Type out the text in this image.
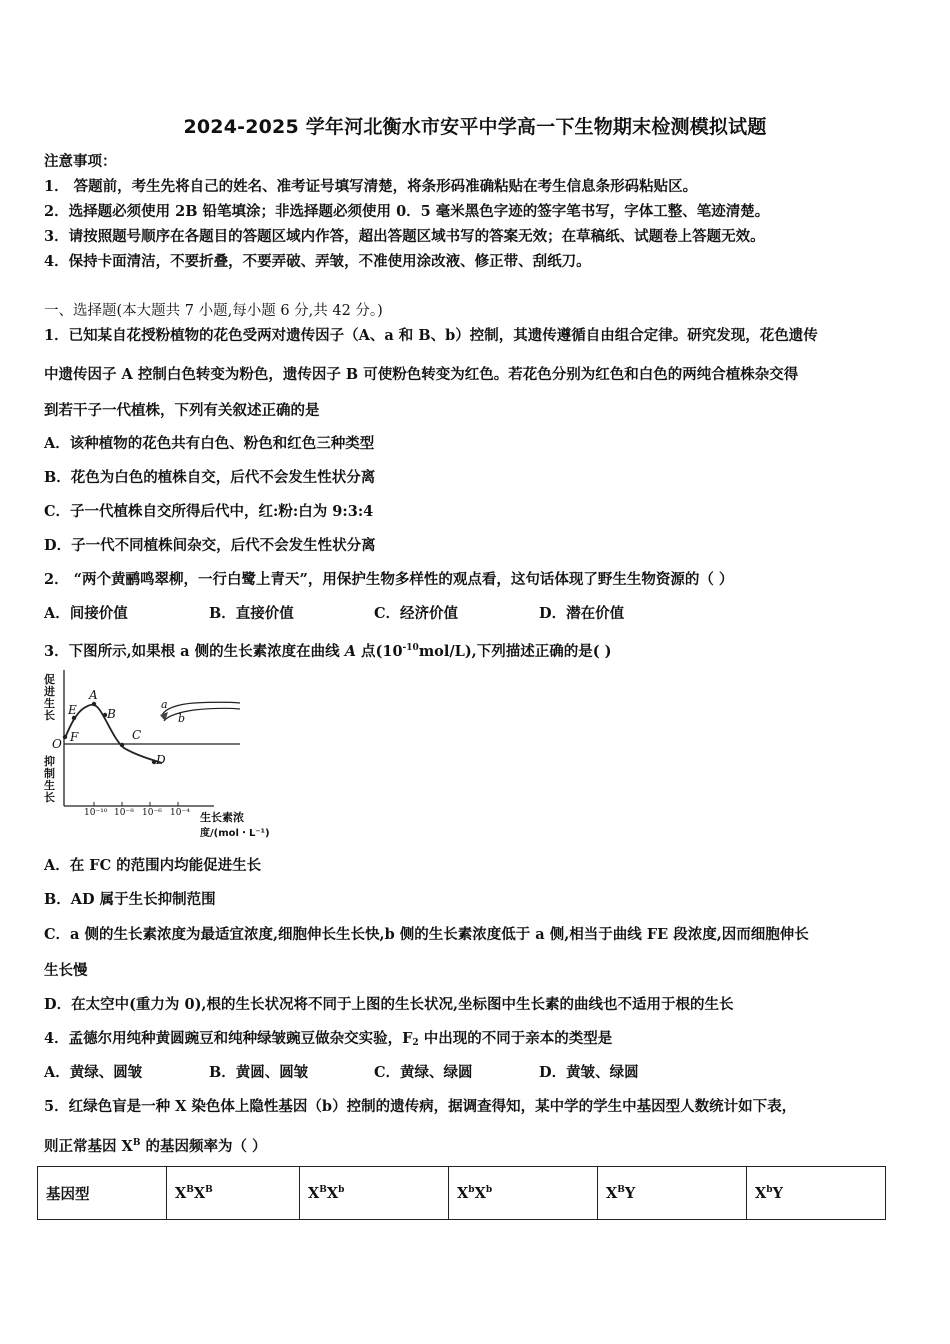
2024-2025 学年河北衡水市安平中学高一下生物期末检测模拟试题
注意事项：
1． 答题前，考生先将自己的姓名、准考证号填写清楚，将条形码准确粘贴在考生信息条形码粘贴区。
2．选择题必须使用 2B 铅笔填涂；非选择题必须使用 0．5 毫米黑色字迹的签字笔书写，字体工整、笔迹清楚。
3．请按照题号顺序在各题目的答题区域内作答，超出答题区域书写的答案无效；在草稿纸、试题卷上答题无效。
4．保持卡面清洁，不要折叠，不要弄破、弄皱，不准使用涂改液、修正带、刮纸刀。
一、选择题(本大题共 7 小题,每小题 6 分,共 42 分。)
1．已知某自花授粉植物的花色受两对遗传因子（A、a 和 B、b）控制，其遗传遵循自由组合定律。研究发现，花色遗传
中遗传因子 A 控制白色转变为粉色，遗传因子 B 可使粉色转变为红色。若花色分别为红色和白色的两纯合植株杂交得
到若干子一代植株，下列有关叙述正确的是
A．该种植物的花色共有白色、粉色和红色三种类型
B．花色为白色的植株自交，后代不会发生性状分离
C．子一代植株自交所得后代中，红:粉:白为 9:3:4
D．子一代不同植株间杂交，后代不会发生性状分离
2． “两个黄鹂鸣翠柳，一行白鹭上青天”，用保护生物多样性的观点看，这句话体现了野生生物资源的（ ）
A．间接价值	B．直接价值	C．经济价值	D．潜在价值
3．下图所示,如果根 a 侧的生长素浓度在曲线 A 点$(10^{-10}mol/L)$,下列描述正确的是( )
促进生长
抑制生长
O
A
E	B
F	C
D
10⁻¹⁰ 10⁻⁸ 10⁻⁶ 10⁻⁴ 生长素浓
度/(mol・L⁻¹)
a
b
A．在 FC 的范围内均能促进生长
B．AD 属于生长抑制范围
C．a 侧的生长素浓度为最适宜浓度,细胞伸长生长快,b 侧的生长素浓度低于 a 侧,相当于曲线 FE 段浓度,因而细胞伸长
生长慢
D．在太空中(重力为 0),根的生长状况将不同于上图的生长状况,坐标图中生长素的曲线也不适用于根的生长
4．孟德尔用纯种黄圆豌豆和纯种绿皱豌豆做杂交实验，$F_2$ 中出现的不同于亲本的类型是
A．黄绿、圆皱	B．黄圆、圆皱	C．黄绿、绿圆	D．黄皱、绿圆
5．红绿色盲是一种 X 染色体上隐性基因（b）控制的遗传病，据调查得知，某中学的学生中基因型人数统计如下表，
则正常基因 $X^B$ 的基因频率为（ ）
基因型	$X^BX^B$	$X^BX^b$	$X^bX^b$	$X^BY$	$X^bY$
